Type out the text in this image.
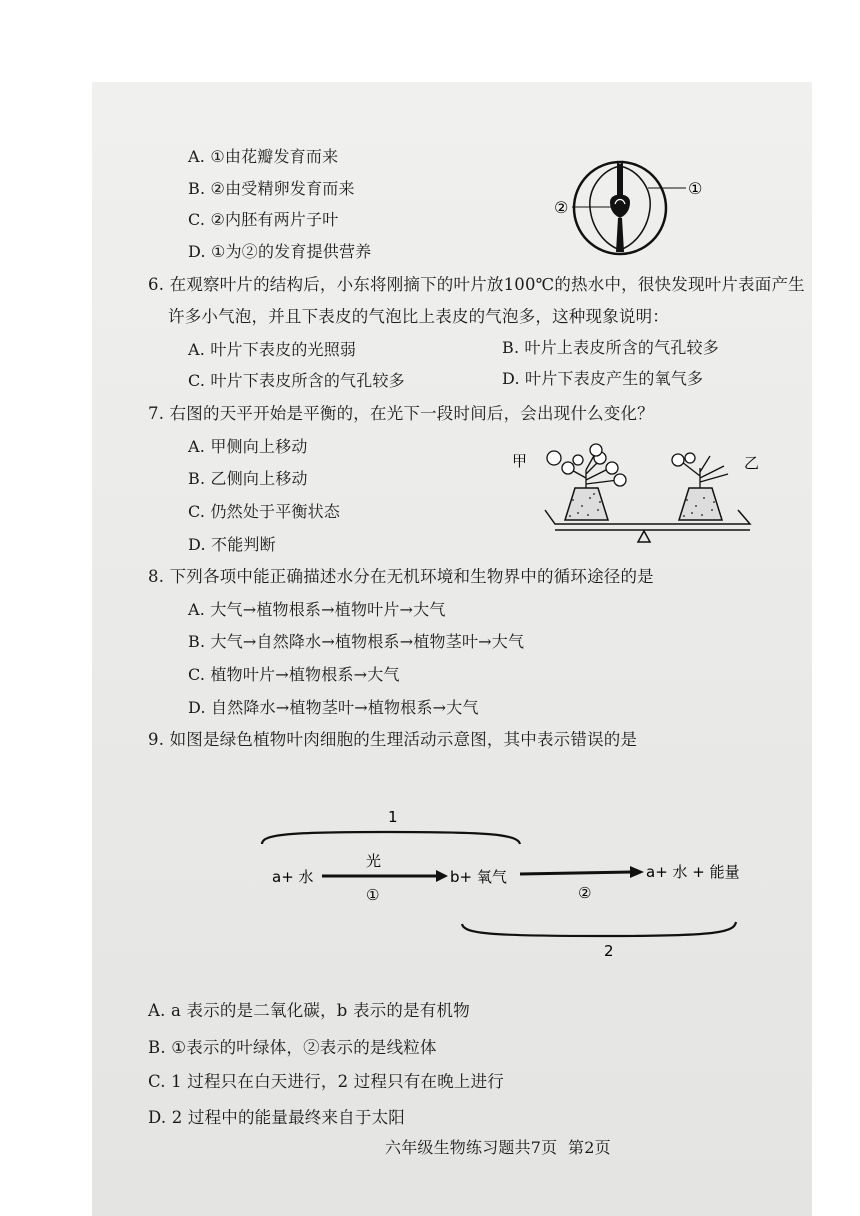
A. ①由花瓣发育而来
B. ②由受精卵发育而来
C. ②内胚有两片子叶
D. ①为②的发育提供营养
②
①
6. 在观察叶片的结构后，小东将刚摘下的叶片放100℃的热水中，很快发现叶片表面产生
许多小气泡，并且下表皮的气泡比上表皮的气泡多，这种现象说明：
A. 叶片下表皮的光照弱	B. 叶片上表皮所含的气孔较多
C. 叶片下表皮所含的气孔较多	D. 叶片下表皮产生的氧气多
7. 右图的天平开始是平衡的，在光下一段时间后，会出现什么变化？
A. 甲侧向上移动
B. 乙侧向上移动
C. 仍然处于平衡状态
D. 不能判断
甲	乙
8. 下列各项中能正确描述水分在无机环境和生物界中的循环途径的是
A. 大气→植物根系→植物叶片→大气
B. 大气→自然降水→植物根系→植物茎叶→大气
C. 植物叶片→植物根系→大气
D. 自然降水→植物茎叶→植物根系→大气
9. 如图是绿色植物叶肉细胞的生理活动示意图，其中表示错误的是
1
a+ 水
光
①
b+ 氧气
②
a+ 水 + 能量
2
A. a 表示的是二氧化碳，b 表示的是有机物
B. ①表示的叶绿体，②表示的是线粒体
C. 1 过程只在白天进行，2 过程只有在晚上进行
D. 2 过程中的能量最终来自于太阳
六年级生物练习题共7页 第2页
